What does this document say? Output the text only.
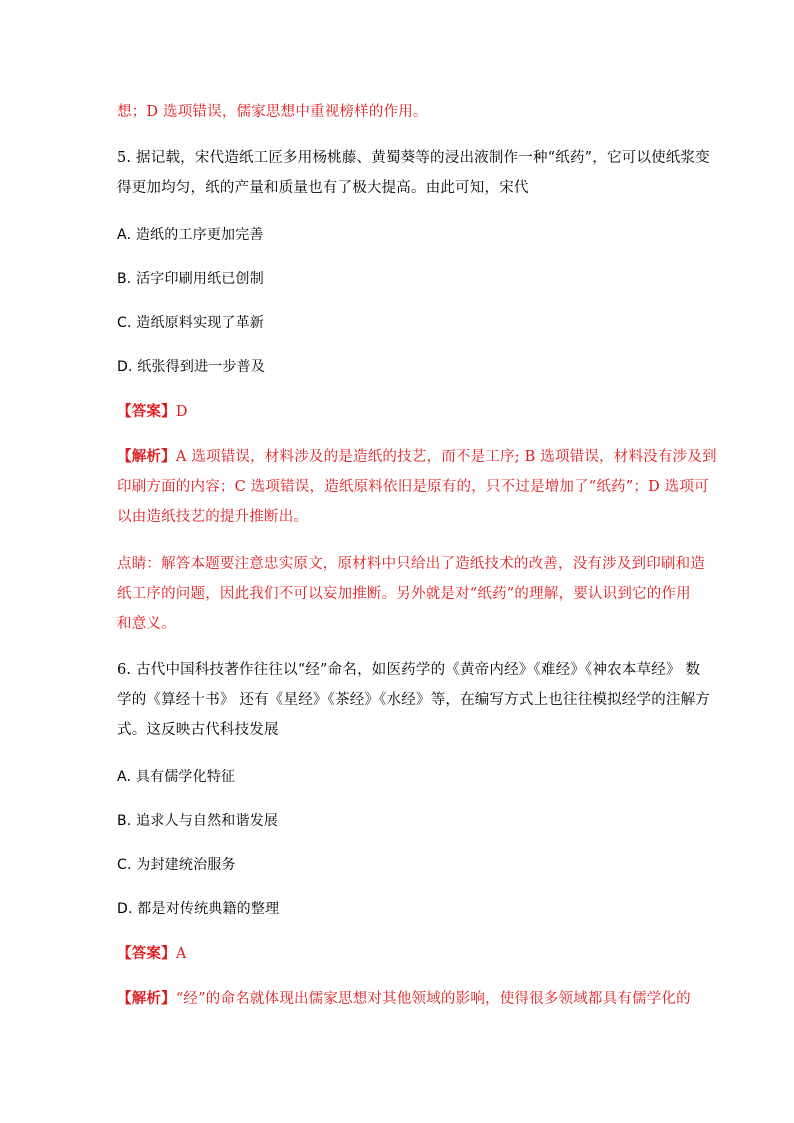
想；D 选项错误，儒家思想中重视榜样的作用。
5. 据记载，宋代造纸工匠多用杨桃藤、黄蜀葵等的浸出液制作一种“纸药”，它可以使纸浆变
得更加均匀，纸的产量和质量也有了极大提高。由此可知，宋代
A. 造纸的工序更加完善
B. 活字印刷用纸已创制
C. 造纸原料实现了革新
D. 纸张得到进一步普及
【答案】D
【解析】A 选项错误，材料涉及的是造纸的技艺，而不是工序; B 选项错误，材料没有涉及到
印刷方面的内容；C 选项错误，造纸原料依旧是原有的，只不过是增加了“纸药”；D 选项可
以由造纸技艺的提升推断出。
点睛：解答本题要注意忠实原文，原材料中只给出了造纸技术的改善，没有涉及到印刷和造
纸工序的问题，因此我们不可以妄加推断。另外就是对“纸药”的理解，要认识到它的作用
和意义。
6. 古代中国科技著作往往以“经”命名，如医药学的《黄帝内经》《难经》《神农本草经》 数
学的《算经十书》 还有《星经》《茶经》《水经》等，在编写方式上也往往模拟经学的注解方
式。这反映古代科技发展
A. 具有儒学化特征
B. 追求人与自然和谐发展
C. 为封建统治服务
D. 都是对传统典籍的整理
【答案】A
【解析】“经”的命名就体现出儒家思想对其他领域的影响，使得很多领域都具有儒学化的
